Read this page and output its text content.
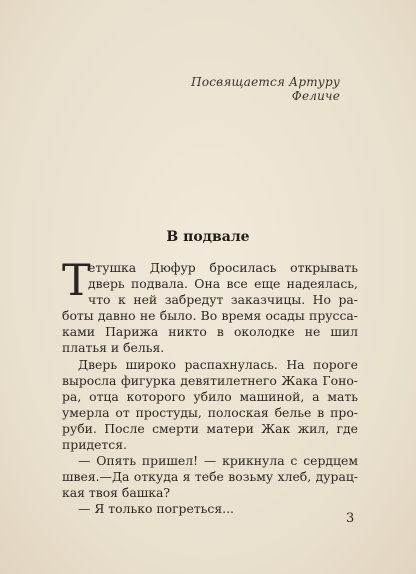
Посвящается Артуру Феличе
В подвале
Т
етушка Дюфур бросилась открывать
дверь подвала. Она все еще надеялась,
что к ней забредут заказчицы. Но ра-
боты давно не было. Во время осады прусса-
ками Парижа никто в околодке не шил
платья и белья.
Дверь широко распахнулась. На пороге
выросла фигурка девятилетнего Жака Гоно-
ра, отца которого убило машиной, а мать
умерла от простуды, полоская белье в про-
руби. После смерти матери Жак жил, где
придется.
— Опять пришел! — крикнула с сердцем
швея.—Да откуда я тебе возьму хлеб, дурац-
кая твоя башка?
— Я только погреться...
3
